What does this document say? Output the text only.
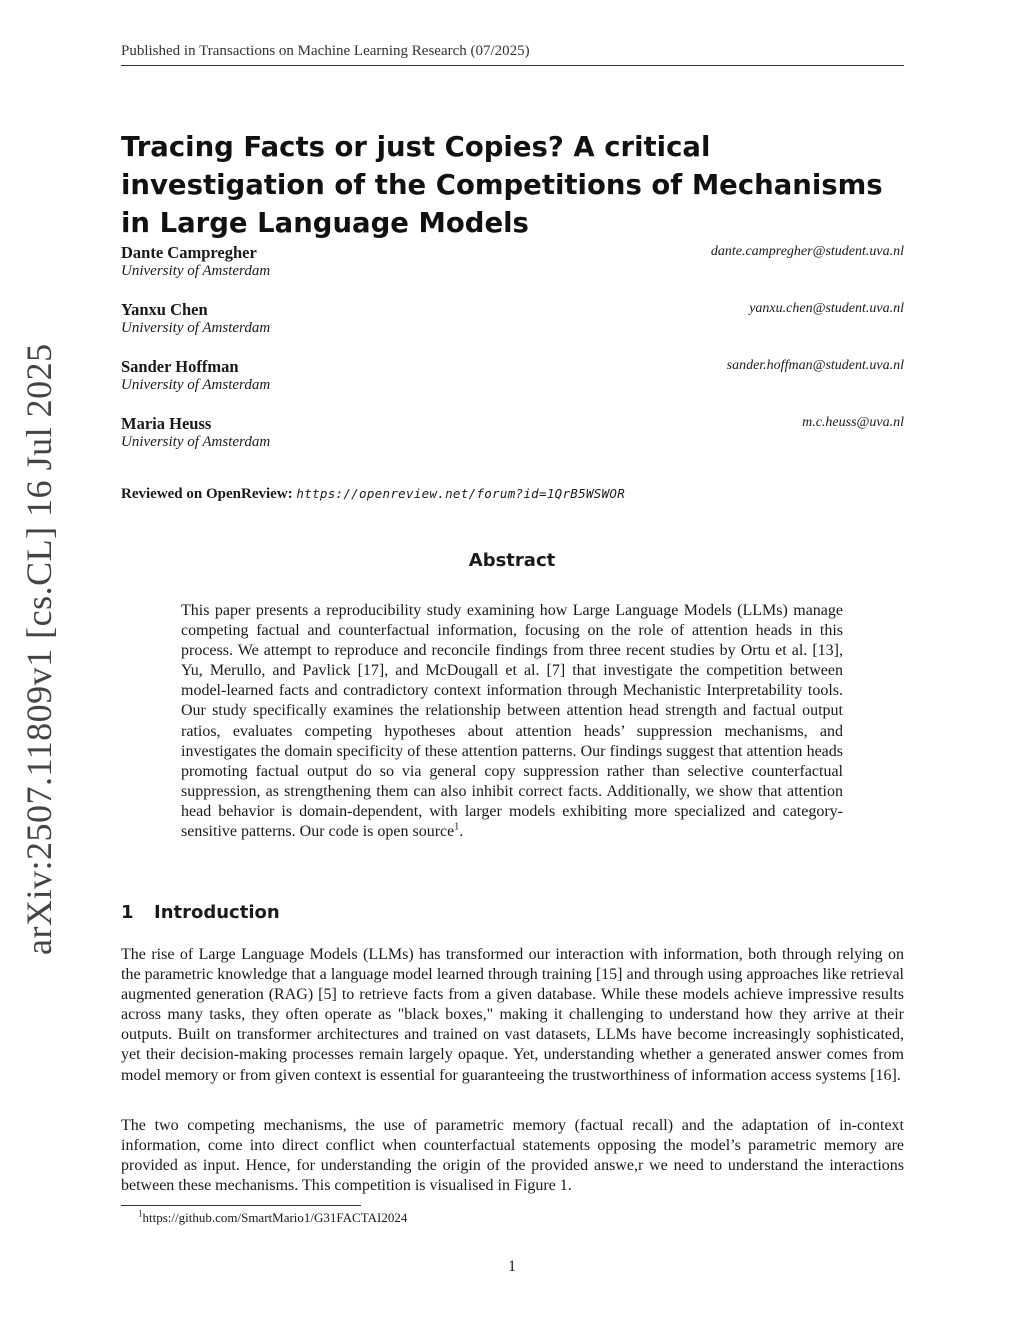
Published in Transactions on Machine Learning Research (07/2025)
arXiv:2507.11809v1 [cs.CL] 16 Jul 2025
Tracing Facts or just Copies? A critical investigation of the Competitions of Mechanisms in Large Language Models
Dante Campregher
University of Amsterdam
dante.campregher@student.uva.nl
Yanxu Chen
University of Amsterdam
yanxu.chen@student.uva.nl
Sander Hoffman
University of Amsterdam
sander.hoffman@student.uva.nl
Maria Heuss
University of Amsterdam
m.c.heuss@uva.nl
Reviewed on OpenReview: https://openreview.net/forum?id=1QrB5WSWOR
Abstract

This paper presents a reproducibility study examining how Large Language Models (LLMs) manage competing factual and counterfactual information, focusing on the role of attention heads in this process. We attempt to reproduce and reconcile findings from three recent studies by Ortu et al. [13], Yu, Merullo, and Pavlick [17], and McDougall et al. [7] that investigate the competition between model-learned facts and contradictory context information through Mechanistic Interpretability tools. Our study specifically examines the relationship between attention head strength and factual output ratios, evaluates competing hypotheses about attention heads’ suppression mechanisms, and investigates the domain specificity of these attention patterns. Our findings suggest that attention heads promoting factual output do so via general copy suppression rather than selective counterfactual suppression, as strengthening them can also inhibit correct facts. Additionally, we show that attention head behavior is domain-dependent, with larger models exhibiting more specialized and category-sensitive patterns. Our code is open source$^1$.

1 Introduction

The rise of Large Language Models (LLMs) has transformed our interaction with information, both through relying on the parametric knowledge that a language model learned through training [15] and through using approaches like retrieval augmented generation (RAG) [5] to retrieve facts from a given database. While these models achieve impressive results across many tasks, they often operate as "black boxes," making it challenging to understand how they arrive at their outputs. Built on transformer architectures and trained on vast datasets, LLMs have become increasingly sophisticated, yet their decision-making processes remain largely opaque. Yet, understanding whether a generated answer comes from model memory or from given context is essential for guaranteeing the trustworthiness of information access systems [16].

The two competing mechanisms, the use of parametric memory (factual recall) and the adaptation of in-context information, come into direct conflict when counterfactual statements opposing the model’s parametric memory are provided as input. Hence, for understanding the origin of the provided answe,r we need to understand the interactions between these mechanisms. This competition is visualised in Figure 1.

$^1$https://github.com/SmartMario1/G31FACTAI2024
1
